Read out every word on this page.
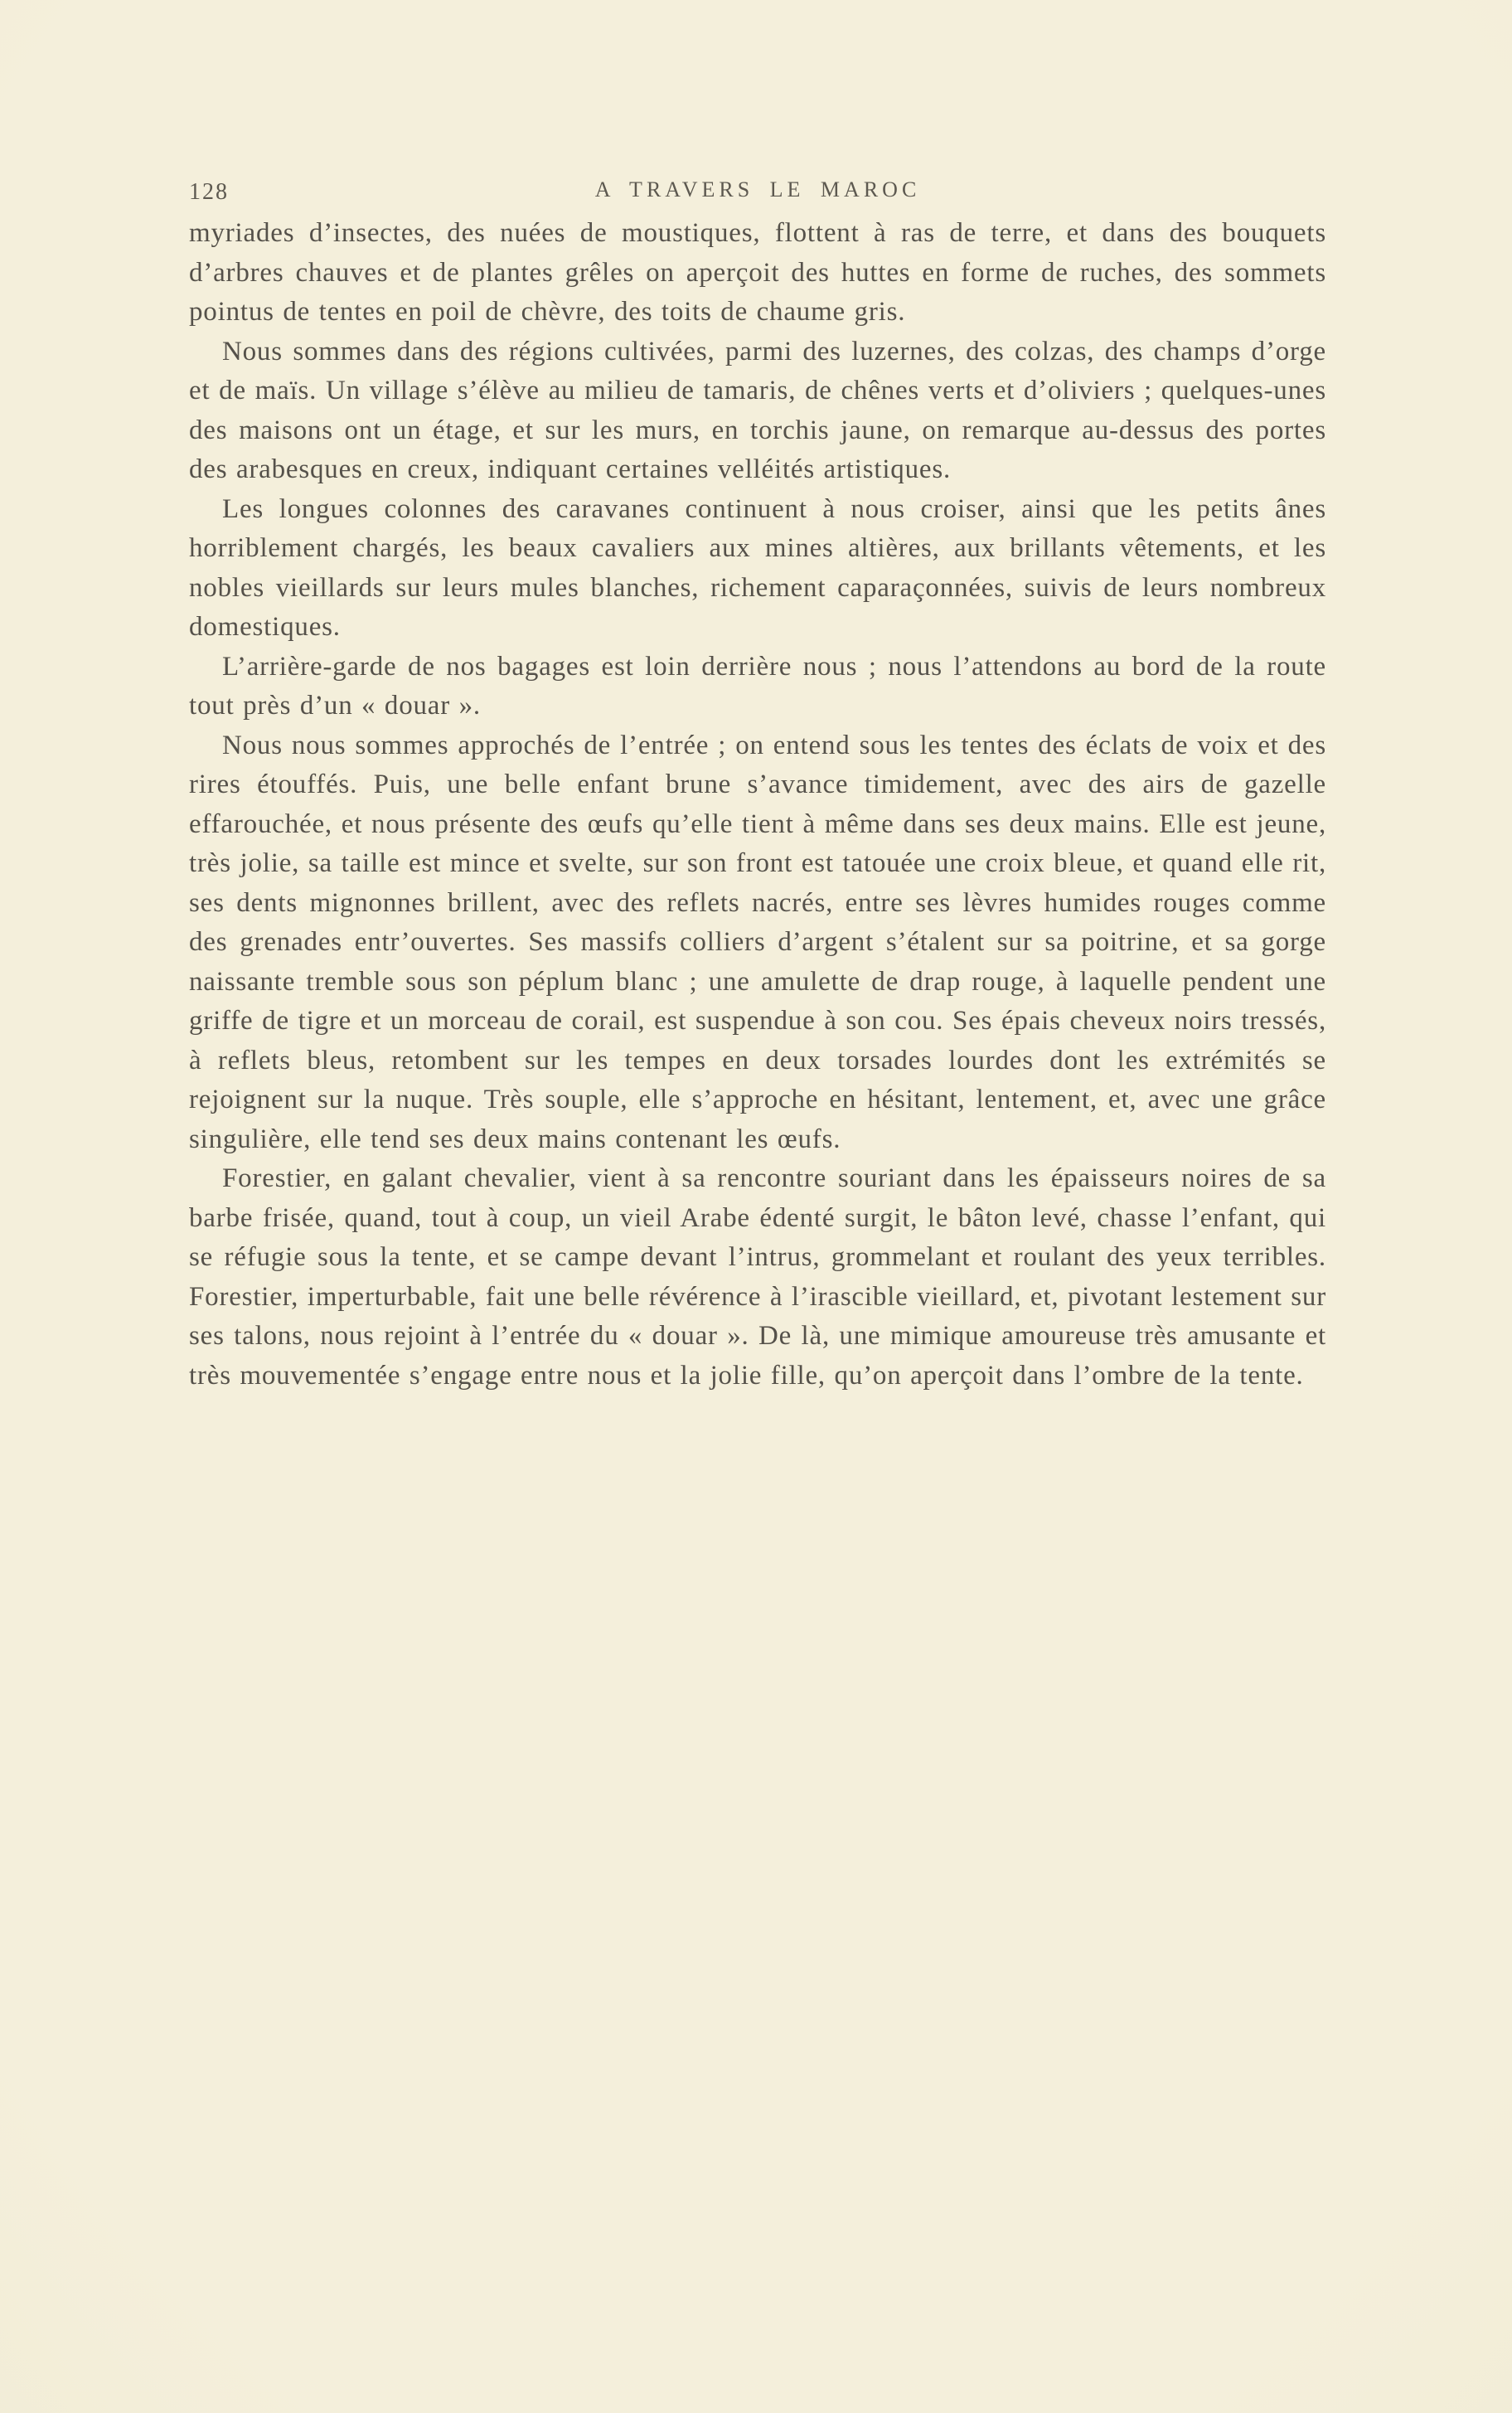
128	A TRAVERS LE MAROC

myriades d’insectes, des nuées de moustiques, flottent à ras de terre, et dans des bouquets d’arbres chauves et de plantes grêles on aperçoit des huttes en forme de ruches, des sommets pointus de tentes en poil de chèvre, des toits de chaume gris.

Nous sommes dans des régions cultivées, parmi des luzernes, des colzas, des champs d’orge et de maïs. Un village s’élève au milieu de tamaris, de chênes verts et d’oliviers ; quelques-unes des maisons ont un étage, et sur les murs, en torchis jaune, on remarque au-dessus des portes des arabesques en creux, indiquant certaines velléités artistiques.

Les longues colonnes des caravanes continuent à nous croiser, ainsi que les petits ânes horriblement chargés, les beaux cavaliers aux mines altières, aux brillants vêtements, et les nobles vieillards sur leurs mules blanches, richement caparaçonnées, suivis de leurs nombreux domestiques.

L’arrière-garde de nos bagages est loin derrière nous ; nous l’attendons au bord de la route tout près d’un « douar ».

Nous nous sommes approchés de l’entrée ; on entend sous les tentes des éclats de voix et des rires étouffés. Puis, une belle enfant brune s’avance timidement, avec des airs de gazelle effarouchée, et nous présente des œufs qu’elle tient à même dans ses deux mains. Elle est jeune, très jolie, sa taille est mince et svelte, sur son front est tatouée une croix bleue, et quand elle rit, ses dents mignonnes brillent, avec des reflets nacrés, entre ses lèvres humides rouges comme des grenades entr’ouvertes. Ses massifs colliers d’argent s’étalent sur sa poitrine, et sa gorge naissante tremble sous son péplum blanc ; une amulette de drap rouge, à laquelle pendent une griffe de tigre et un morceau de corail, est suspendue à son cou. Ses épais cheveux noirs tressés, à reflets bleus, retombent sur les tempes en deux torsades lourdes dont les extrémités se rejoignent sur la nuque. Très souple, elle s’approche en hésitant, lentement, et, avec une grâce singulière, elle tend ses deux mains contenant les œufs.

Forestier, en galant chevalier, vient à sa rencontre souriant dans les épaisseurs noires de sa barbe frisée, quand, tout à coup, un vieil Arabe édenté surgit, le bâton levé, chasse l’enfant, qui se réfugie sous la tente, et se campe devant l’intrus, grommelant et roulant des yeux terribles. Forestier, imperturbable, fait une belle révérence à l’irascible vieillard, et, pivotant lestement sur ses talons, nous rejoint à l’entrée du « douar ». De là, une mimique amoureuse très amusante et très mouvementée s’engage entre nous et la jolie fille, qu’on aperçoit dans l’ombre de la tente.
